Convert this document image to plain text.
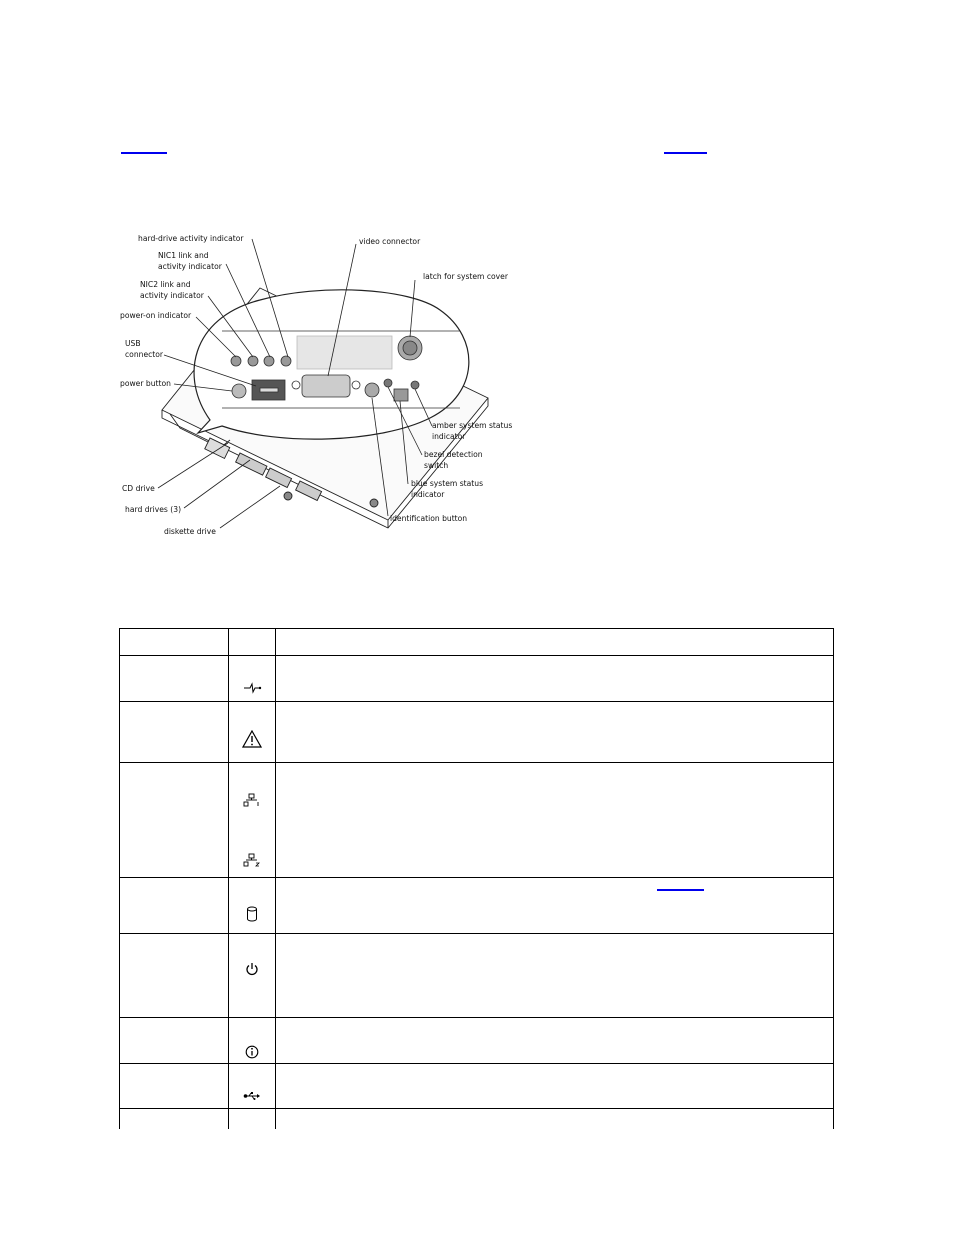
hard-drive activity indicator
NIC1 link and
activity indicator
NIC2 link and
activity indicator
power-on indicator
USB
connector
power button
video connector
latch for system cover
amber system status
indicator
bezel detection
switch
blue system status
indicator
identification button
CD drive
hard drives (3)
diskette drive
